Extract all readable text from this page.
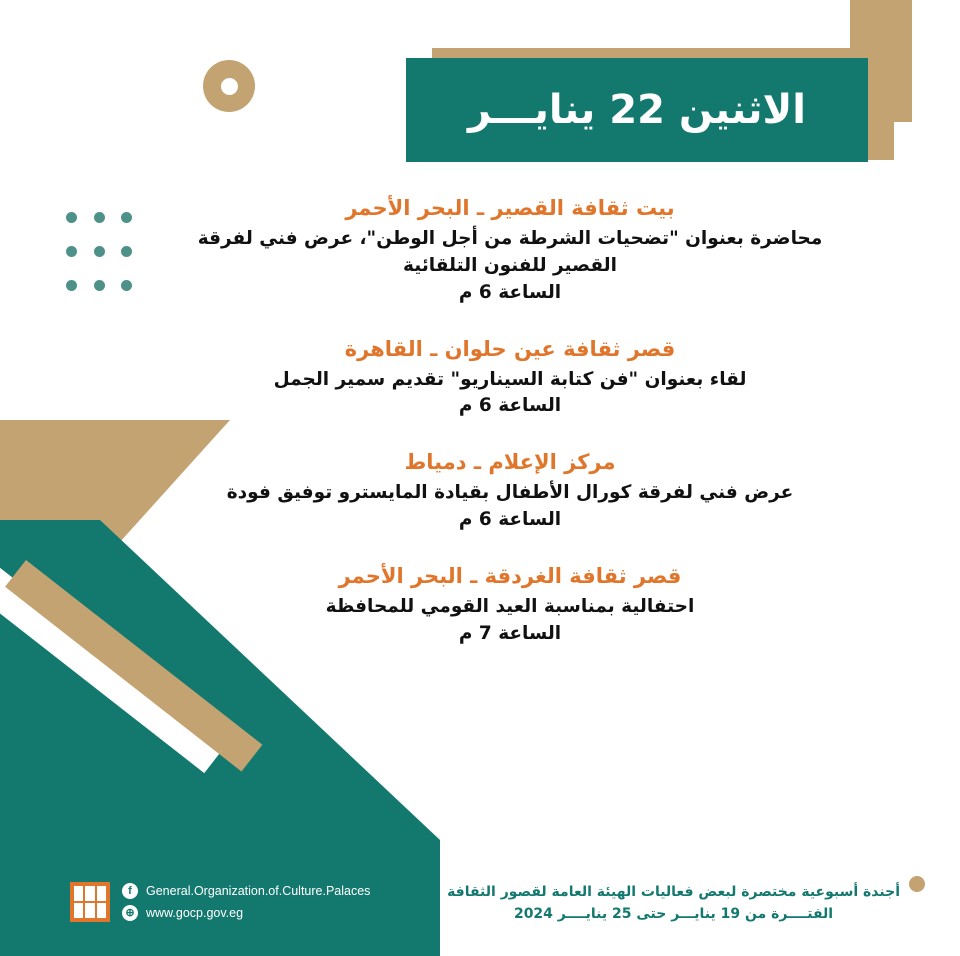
الاثنين 22 ينايـــر
بيت ثقافة القصير ـ البحر الأحمر
محاضرة بعنوان "تضحيات الشرطة من أجل الوطن"، عرض فني لفرقة القصير للفنون التلقائية
الساعة 6 م
قصر ثقافة عين حلوان ـ القاهرة
لقاء بعنوان "فن كتابة السيناريو" تقديم سمير الجمل
الساعة 6 م
مركز الإعلام ـ دمياط
عرض فني لفرقة كورال الأطفال بقيادة المايسترو توفيق فودة
الساعة 6 م
قصر ثقافة الغردقة ـ البحر الأحمر
احتفالية بمناسبة العيد القومي للمحافظة
الساعة 7 م
f	General.Organization.of.Culture.Palaces
⊕ www.gocp.gov.eg
أجندة أسبوعية مختصرة لبعض فعاليات الهيئة العامة لقصور الثقافة
الفتــــرة من 19 ينايـــر حتى 25 ينايــــر 2024
